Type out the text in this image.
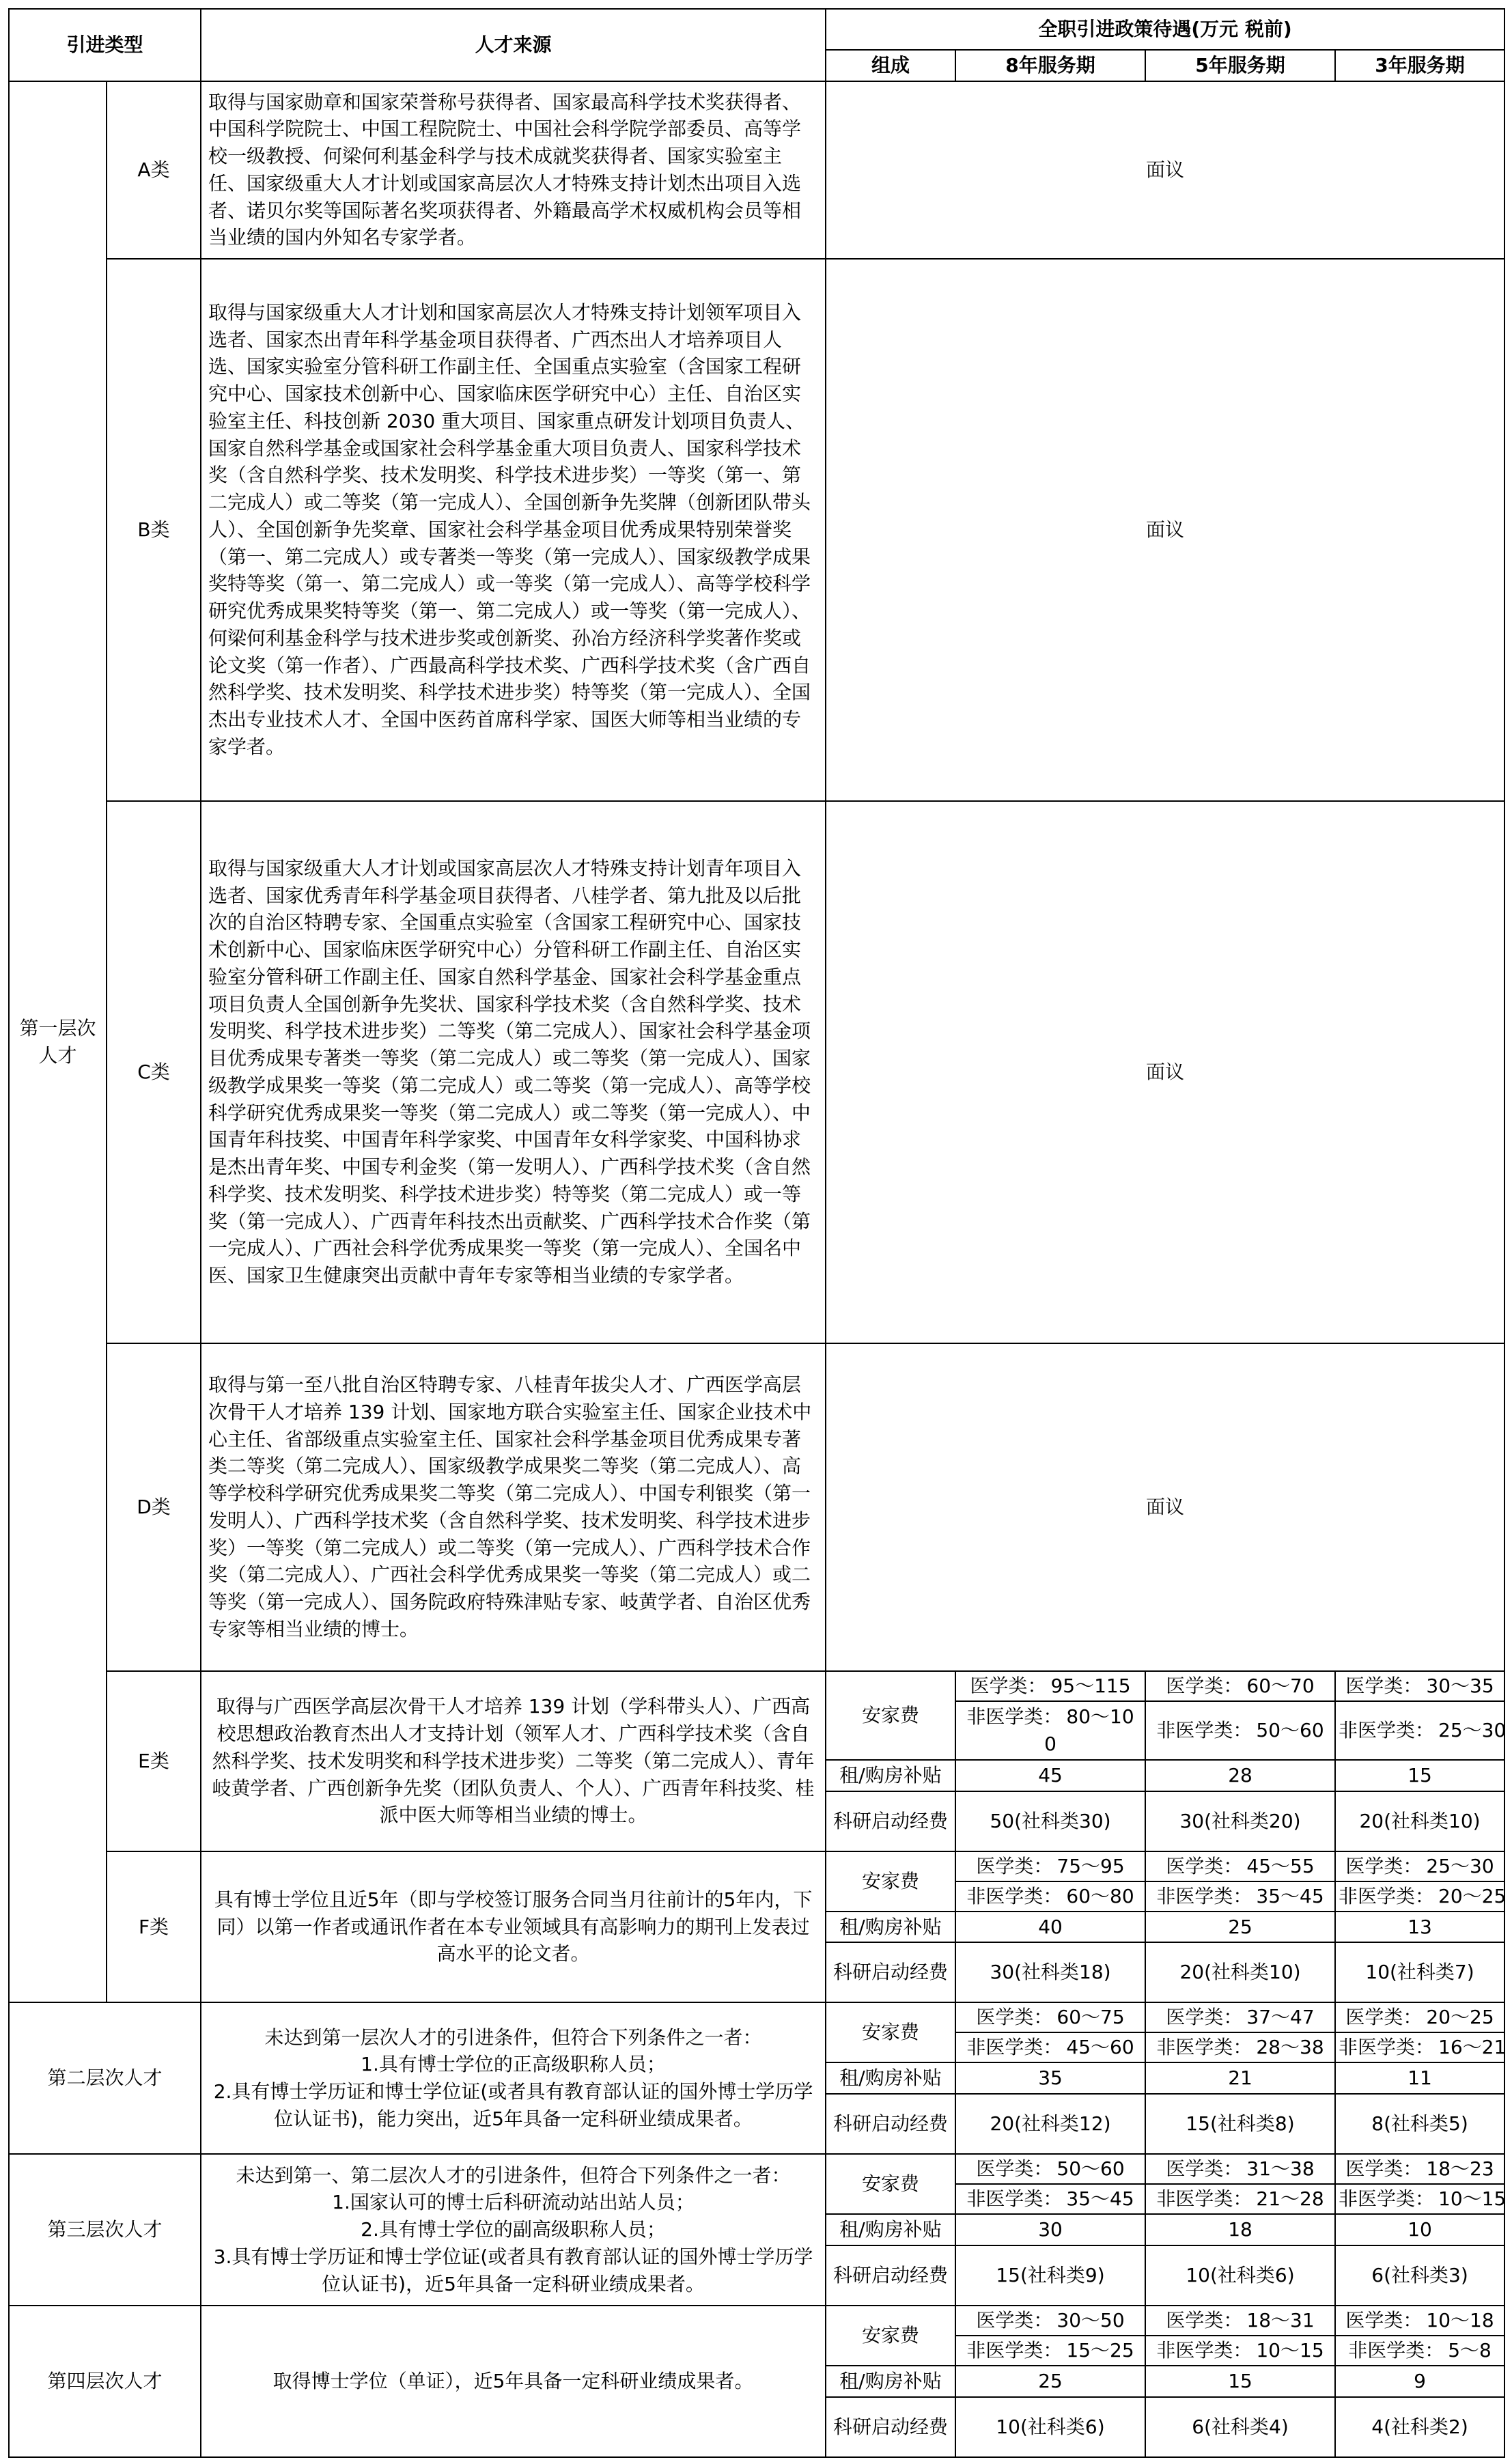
引进类型		人才来源	全职引进政策待遇(万元 税前)			
			组成	8年服务期	5年服务期	3年服务期
第一层次人才	A类	取得与国家勋章和国家荣誉称号获得者、国家最高科学技术奖获得者、中国科学院院士、中国工程院院士、中国社会科学院学部委员、高等学校一级教授、何梁何利基金科学与技术成就奖获得者、国家实验室主任、国家级重大人才计划或国家高层次人才特殊支持计划杰出项目入选者、诺贝尔奖等国际著名奖项获得者、外籍最高学术权威机构会员等相当业绩的国内外知名专家学者。	面议			
	B类	取得与国家级重大人才计划和国家高层次人才特殊支持计划领军项目入选者、国家杰出青年科学基金项目获得者、广西杰出人才培养项目人选、国家实验室分管科研工作副主任、全国重点实验室（含国家工程研究中心、国家技术创新中心、国家临床医学研究中心）主任、自治区实验室主任、科技创新 2030 重大项目、国家重点研发计划项目负责人、国家自然科学基金或国家社会科学基金重大项目负责人、国家科学技术奖（含自然科学奖、技术发明奖、科学技术进步奖）一等奖（第一、第二完成人）或二等奖（第一完成人）、全国创新争先奖牌（创新团队带头人）、全国创新争先奖章、国家社会科学基金项目优秀成果特别荣誉奖（第一、第二完成人）或专著类一等奖（第一完成人）、国家级教学成果奖特等奖（第一、第二完成人）或一等奖（第一完成人）、高等学校科学研究优秀成果奖特等奖（第一、第二完成人）或一等奖（第一完成人）、何梁何利基金科学与技术进步奖或创新奖、孙冶方经济科学奖著作奖或论文奖（第一作者）、广西最高科学技术奖、广西科学技术奖（含广西自然科学奖、技术发明奖、科学技术进步奖）特等奖（第一完成人）、全国杰出专业技术人才、全国中医药首席科学家、国医大师等相当业绩的专家学者。	面议			
	C类	取得与国家级重大人才计划或国家高层次人才特殊支持计划青年项目入选者、国家优秀青年科学基金项目获得者、八桂学者、第九批及以后批次的自治区特聘专家、全国重点实验室（含国家工程研究中心、国家技术创新中心、国家临床医学研究中心）分管科研工作副主任、自治区实验室分管科研工作副主任、国家自然科学基金、国家社会科学基金重点项目负责人全国创新争先奖状、国家科学技术奖（含自然科学奖、技术发明奖、科学技术进步奖）二等奖（第二完成人）、国家社会科学基金项目优秀成果专著类一等奖（第二完成人）或二等奖（第一完成人）、国家级教学成果奖一等奖（第二完成人）或二等奖（第一完成人）、高等学校科学研究优秀成果奖一等奖（第二完成人）或二等奖（第一完成人）、中国青年科技奖、中国青年科学家奖、中国青年女科学家奖、中国科协求是杰出青年奖、中国专利金奖（第一发明人）、广西科学技术奖（含自然科学奖、技术发明奖、科学技术进步奖）特等奖（第二完成人）或一等奖（第一完成人）、广西青年科技杰出贡献奖、广西科学技术合作奖（第一完成人）、广西社会科学优秀成果奖一等奖（第一完成人）、全国名中医、国家卫生健康突出贡献中青年专家等相当业绩的专家学者。	面议			
	D类	取得与第一至八批自治区特聘专家、八桂青年拔尖人才、广西医学高层次骨干人才培养 139 计划、国家地方联合实验室主任、国家企业技术中心主任、省部级重点实验室主任、国家社会科学基金项目优秀成果专著类二等奖（第二完成人）、国家级教学成果奖二等奖（第二完成人）、高等学校科学研究优秀成果奖二等奖（第二完成人）、中国专利银奖（第一发明人）、广西科学技术奖（含自然科学奖、技术发明奖、科学技术进步奖）一等奖（第二完成人）或二等奖（第一完成人）、广西科学技术合作奖（第二完成人）、广西社会科学优秀成果奖一等奖（第二完成人）或二等奖（第一完成人）、国务院政府特殊津贴专家、岐黄学者、自治区优秀专家等相当业绩的博士。	面议			
	E类	取得与广西医学高层次骨干人才培养 139 计划（学科带头人）、广西高校思想政治教育杰出人才支持计划（领军人才、广西科学技术奖（含自然科学奖、技术发明奖和科学技术进步奖）二等奖（第二完成人）、青年岐黄学者、广西创新争先奖（团队负责人、个人）、广西青年科技奖、桂派中医大师等相当业绩的博士。	安家费	医学类： 95～115	医学类： 60～70	医学类： 30～35
				非医学类： 80～100	非医学类： 50～60	非医学类： 25～30
			租/购房补贴	45	28	15
			科研启动经费	50(社科类30)	30(社科类20)	20(社科类10)

	F类	具有博士学位且近5年（即与学校签订服务合同当月往前计的5年内，下同）以第一作者或通讯作者在本专业领域具有高影响力的期刊上发表过高水平的论文者。	安家费	医学类： 75～95	医学类： 45～55	医学类： 25～30
				非医学类： 60～80	非医学类： 35～45	非医学类： 20～25
			租/购房补贴	40	25	13
			科研启动经费	30(社科类18)	20(社科类10)	10(社科类7)

第二层次人才		未达到第一层次人才的引进条件，但符合下列条件之一者：

1.具有博士学位的正高级职称人员；

2.具有博士学历证和博士学位证(或者具有教育部认证的国外博士学历学位认证书)，能力突出，近5年具备一定科研业绩成果者。	安家费	医学类： 60～75	医学类： 37～47	医学类： 20～25
				非医学类： 45～60	非医学类： 28～38	非医学类： 16～21
			租/购房补贴	35	21	11
			科研启动经费	20(社科类12)	15(社科类8)	8(社科类5)

第三层次人才		未达到第一、第二层次人才的引进条件，但符合下列条件之一者：

1.国家认可的博士后科研流动站出站人员；

2.具有博士学位的副高级职称人员；

3.具有博士学历证和博士学位证(或者具有教育部认证的国外博士学历学位认证书)，近5年具备一定科研业绩成果者。	安家费	医学类： 50～60	医学类： 31～38	医学类： 18～23
				非医学类： 35～45	非医学类： 21～28	非医学类： 10～15
			租/购房补贴	30	18	10
			科研启动经费	15(社科类9)	10(社科类6)	6(社科类3)

第四层次人才		取得博士学位（单证），近5年具备一定科研业绩成果者。	安家费	医学类： 30～50	医学类： 18～31	医学类： 10～18
				非医学类： 15～25	非医学类： 10～15	非医学类： 5～8
			租/购房补贴	25	15	9
			科研启动经费	10(社科类6)	6(社科类4)	4(社科类2)
